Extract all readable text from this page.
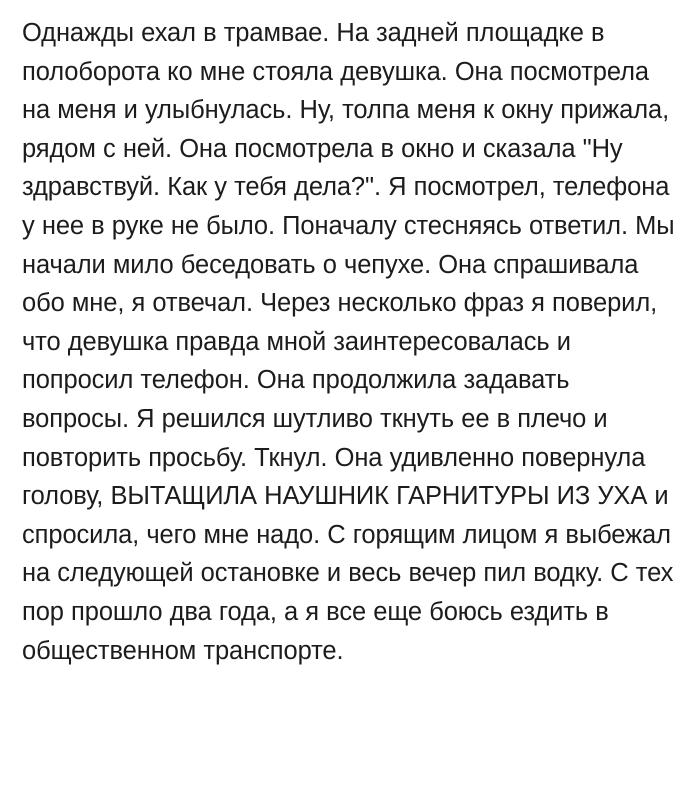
Однажды ехал в трамвае. На задней площадке в полоборота ко мне стояла девушка. Она посмотрела на меня и улыбнулась. Ну, толпа меня к окну прижала, рядом с ней. Она посмотрела в окно и сказала "Ну здравствуй. Как у тебя дела?". Я посмотрел, телефона у нее в руке не было. Поначалу стесняясь ответил. Мы начали мило беседовать о чепухе. Она спрашивала обо мне, я отвечал. Через несколько фраз я поверил, что девушка правда мной заинтересовалась и попросил телефон. Она продолжила задавать вопросы. Я решился шутливо ткнуть ее в плечо и повторить просьбу. Ткнул. Она удивленно повернула голову, ВЫТАЩИЛА НАУШНИК ГАРНИТУРЫ ИЗ УХА и спросила, чего мне надо. С горящим лицом я выбежал на следующей остановке и весь вечер пил водку. С тех пор прошло два года, а я все еще боюсь ездить в общественном транспорте.
